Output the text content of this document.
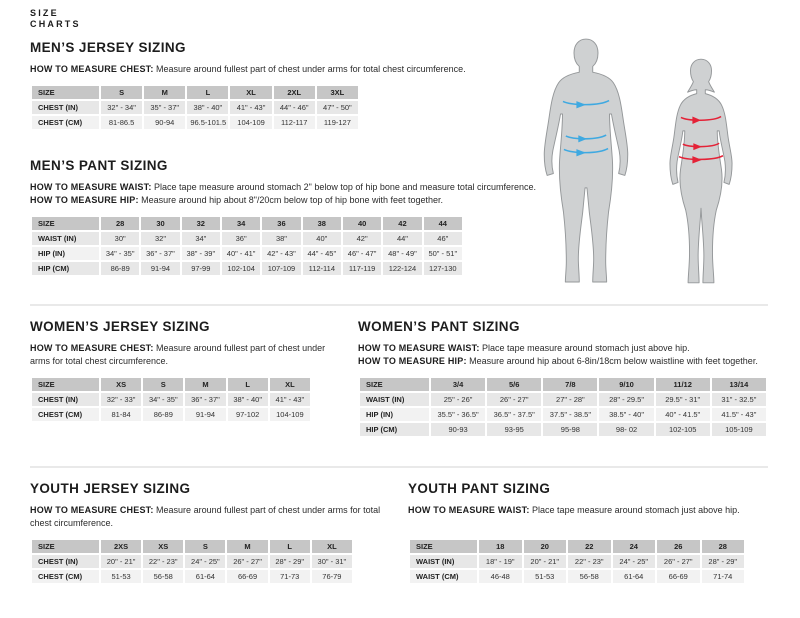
SIZE
CHARTS
MEN’S JERSEY SIZING

HOW TO MEASURE CHEST: Measure around fullest part of chest under arms for total chest circumference.

SIZE	S	M	L	XL	2XL	3XL
CHEST (IN)	32" - 34"	35" - 37"	38" - 40"	41" - 43"	44" - 46"	47" - 50"
CHEST (CM)	81-86.5	90-94	96.5-101.5	104-109	112-117	119-127
MEN’S PANT SIZING

HOW TO MEASURE WAIST: Place tape measure around stomach 2" below top of hip bone and measure total circumference.

HOW TO MEASURE HIP: Measure around hip about 8"/20cm below top of hip bone with feet together.

SIZE	28	30	32	34	36	38	40	42	44
WAIST (IN)	30"	32"	34"	36"	38"	40"	42"	44"	46"
HIP (IN)	34" - 35"	36" - 37"	38" - 39"	40" - 41"	42" - 43"	44" - 45"	46" - 47"	48" - 49"	50" - 51"
HIP (CM)	86-89	91-94	97-99	102-104	107-109	112-114	117-119	122-124	127-130
WOMEN’S JERSEY SIZING

HOW TO MEASURE CHEST: Measure around fullest part of chest under arms for total chest circumference.

SIZE	XS	S	M	L	XL
CHEST (IN)	32" - 33"	34" - 35"	36" - 37"	38" - 40"	41" - 43"
CHEST (CM)	81-84	86-89	91-94	97-102	104-109
WOMEN’S PANT SIZING

HOW TO MEASURE WAIST: Place tape measure around stomach just above hip.

HOW TO MEASURE HIP: Measure around hip about 6-8in/18cm below waistline with feet together.

SIZE	3/4	5/6	7/8	9/10	11/12	13/14
WAIST (IN)	25" - 26"	26" - 27"	27" - 28"	28" - 29.5"	29.5" - 31"	31" - 32.5"
HIP (IN)	35.5" - 36.5"	36.5" - 37.5"	37.5" - 38.5"	38.5" - 40"	40" - 41.5"	41.5" - 43"
HIP (CM)	90-93	93-95	95-98	98- 02	102-105	105-109
YOUTH JERSEY SIZING

HOW TO MEASURE CHEST: Measure around fullest part of chest under arms for total chest circumference.

SIZE	2XS	XS	S	M	L	XL
CHEST (IN)	20" - 21"	22" - 23"	24" - 25"	26" - 27"	28" - 29"	30" - 31"
CHEST (CM)	51-53	56-58	61-64	66-69	71-73	76-79
YOUTH PANT SIZING

HOW TO MEASURE WAIST: Place tape measure around stomach just above hip.

SIZE	18	20	22	24	26	28
WAIST (IN)	18" - 19"	20" - 21"	22" - 23"	24" - 25"	26" - 27"	28" - 29"
WAIST (CM)	46-48	51-53	56-58	61-64	66-69	71-74
